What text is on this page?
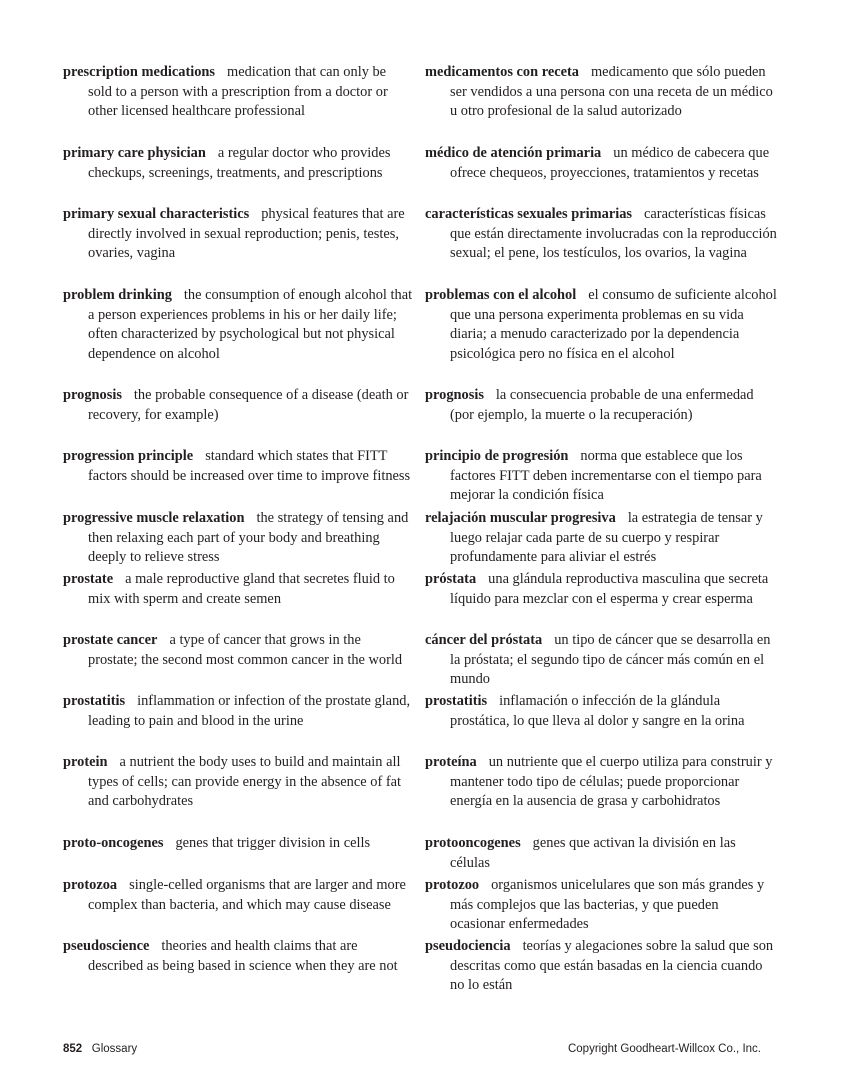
prescription medications medication that can only be sold to a person with a prescription from a doctor or other licensed healthcare professional
primary care physician a regular doctor who provides checkups, screenings, treatments, and prescriptions
primary sexual characteristics physical features that are directly involved in sexual reproduction; penis, testes, ovaries, vagina
problem drinking the consumption of enough alcohol that a person experiences problems in his or her daily life; often characterized by psychological but not physical dependence on alcohol
prognosis the probable consequence of a disease (death or recovery, for example)
progression principle standard which states that FITT factors should be increased over time to improve fitness
progressive muscle relaxation the strategy of tensing and then relaxing each part of your body and breathing deeply to relieve stress
prostate a male reproductive gland that secretes fluid to mix with sperm and create semen
prostate cancer a type of cancer that grows in the prostate; the second most common cancer in the world
prostatitis inflammation or infection of the prostate gland, leading to pain and blood in the urine
protein a nutrient the body uses to build and maintain all types of cells; can provide energy in the absence of fat and carbohydrates
proto-oncogenes genes that trigger division in cells
protozoa single-celled organisms that are larger and more complex than bacteria, and which may cause disease
pseudoscience theories and health claims that are described as being based in science when they are not
medicamentos con receta medicamento que sólo pueden ser vendidos a una persona con una receta de un médico u otro profesional de la salud autorizado
médico de atención primaria un médico de cabecera que ofrece chequeos, proyecciones, tratamientos y recetas
características sexuales primarias características físicas que están directamente involucradas con la reproducción sexual; el pene, los testículos, los ovarios, la vagina
problemas con el alcohol el consumo de suficiente alcohol que una persona experimenta problemas en su vida diaria; a menudo caracterizado por la dependencia psicológica pero no física en el alcohol
prognosis la consecuencia probable de una enfermedad (por ejemplo, la muerte o la recuperación)
principio de progresión norma que establece que los factores FITT deben incrementarse con el tiempo para mejorar la condición física
relajación muscular progresiva la estrategia de tensar y luego relajar cada parte de su cuerpo y respirar profundamente para aliviar el estrés
próstata una glándula reproductiva masculina que secreta líquido para mezclar con el esperma y crear esperma
cáncer del próstata un tipo de cáncer que se desarrolla en la próstata; el segundo tipo de cáncer más común en el mundo
prostatitis inflamación o infección de la glándula prostática, lo que lleva al dolor y sangre en la orina
proteína un nutriente que el cuerpo utiliza para construir y mantener todo tipo de células; puede proporcionar energía en la ausencia de grasa y carbohidratos
protooncogenes genes que activan la división en las células
protozoo organismos unicelulares que son más grandes y más complejos que las bacterias, y que pueden ocasionar enfermedades
pseudociencia teorías y alegaciones sobre la salud que son descritas como que están basadas en la ciencia cuando no lo están
852 Glossary	Copyright Goodheart-Willcox Co., Inc.
